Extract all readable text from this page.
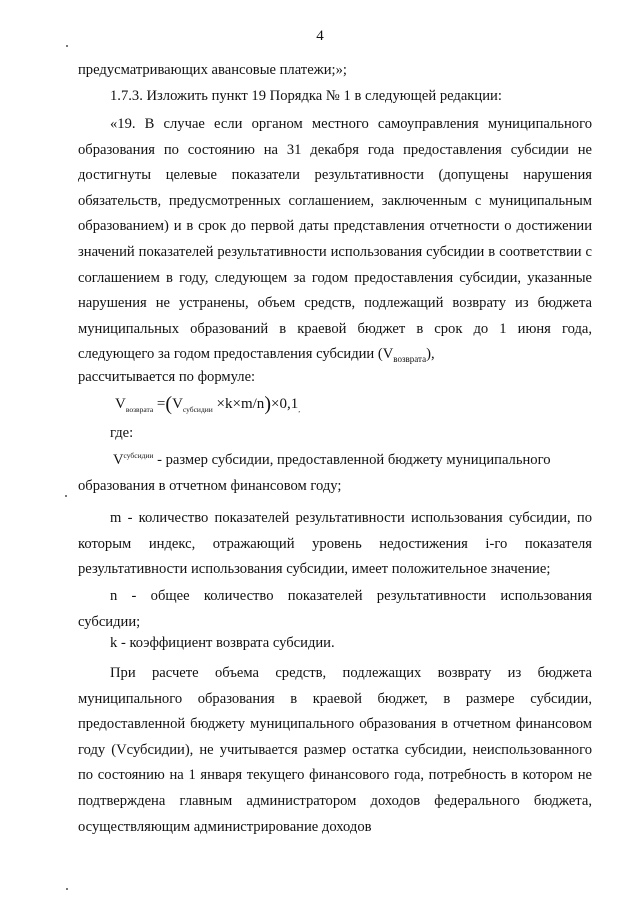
4
предусматривающих авансовые платежи;»;
1.7.3. Изложить пункт 19 Порядка № 1 в следующей редакции:

«19. В случае если органом местного самоуправления муниципального образования по состоянию на 31 декабря года предоставления субсидии не достигнуты целевые показатели результативности (допущены нарушения обязательств, предусмотренных соглашением, заключенным с муниципальным образованием) и в срок до первой даты представления отчетности о достижении значений показателей результативности использования субсидии в соответствии с соглашением в году, следующем за годом предоставления субсидии, указанные нарушения не устранены, объем средств, подлежащий возврату из бюджета муниципальных образований в краевой бюджет в срок до 1 июня года, следующего за годом предоставления субсидии $(V_{возврата})$,

рассчитывается по формуле:
$V_{возврата} =(V_{субсидии} \times k\times m/n)\times 0,1_,$
где:
$V_{субсидии}$ - размер субсидии, предоставленной бюджету муниципального
образования в отчетном финансовом году;

m - количество показателей результативности использования субсидии, по которым индекс, отражающий уровень недостижения i-го показателя результативности использования субсидии, имеет положительное значение;

n - общее количество показателей результативности использования субсидии;

k - коэффициент возврата субсидии.

При расчете объема средств, подлежащих возврату из бюджета муниципального образования в краевой бюджет, в размере субсидии, предоставленной бюджету муниципального образования в отчетном финансовом году (Vсубсидии), не учитывается размер остатка субсидии, неиспользованного по состоянию на 1 января текущего финансового года, потребность в котором не подтверждена главным администратором доходов федерального бюджета, осуществляющим администрирование доходов
